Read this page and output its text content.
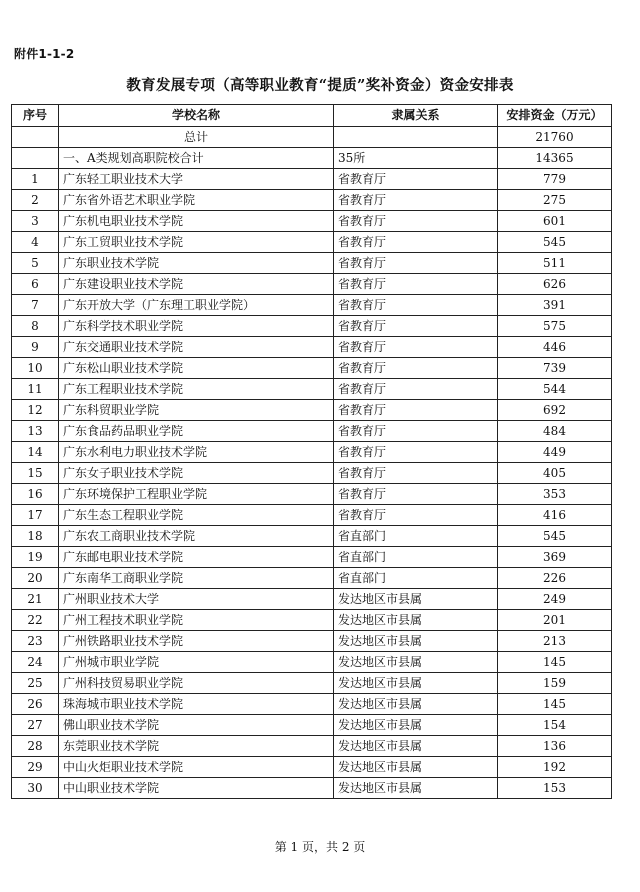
附件1-1-2
教育发展专项（高等职业教育“提质”奖补资金）资金安排表
序号	学校名称	隶属关系	安排资金（万元）
	总计		21760
	一、A类规划高职院校合计	35所	14365
1	广东轻工职业技术大学	省教育厅	779
2	广东省外语艺术职业学院	省教育厅	275
3	广东机电职业技术学院	省教育厅	601
4	广东工贸职业技术学院	省教育厅	545
5	广东职业技术学院	省教育厅	511
6	广东建设职业技术学院	省教育厅	626
7	广东开放大学（广东理工职业学院）	省教育厅	391
8	广东科学技术职业学院	省教育厅	575
9	广东交通职业技术学院	省教育厅	446
10	广东松山职业技术学院	省教育厅	739
11	广东工程职业技术学院	省教育厅	544
12	广东科贸职业学院	省教育厅	692
13	广东食品药品职业学院	省教育厅	484
14	广东水利电力职业技术学院	省教育厅	449
15	广东女子职业技术学院	省教育厅	405
16	广东环境保护工程职业学院	省教育厅	353
17	广东生态工程职业学院	省教育厅	416
18	广东农工商职业技术学院	省直部门	545
19	广东邮电职业技术学院	省直部门	369
20	广东南华工商职业学院	省直部门	226
21	广州职业技术大学	发达地区市县属	249
22	广州工程技术职业学院	发达地区市县属	201
23	广州铁路职业技术学院	发达地区市县属	213
24	广州城市职业学院	发达地区市县属	145
25	广州科技贸易职业学院	发达地区市县属	159
26	珠海城市职业技术学院	发达地区市县属	145
27	佛山职业技术学院	发达地区市县属	154
28	东莞职业技术学院	发达地区市县属	136
29	中山火炬职业技术学院	发达地区市县属	192
30	中山职业技术学院	发达地区市县属	153
第 1 页，共 2 页
